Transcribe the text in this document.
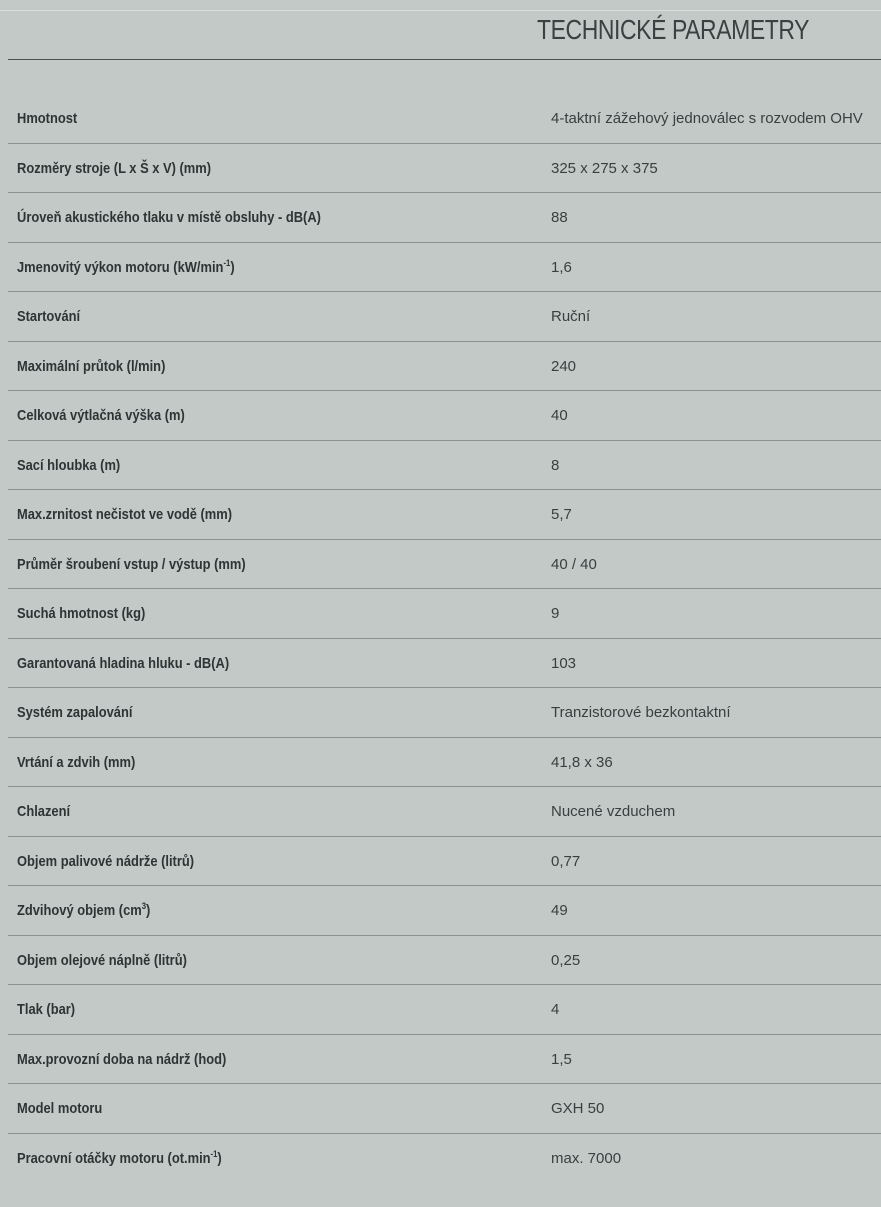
TECHNICKÉ PARAMETRY
Hmotnost	4-taktní zážehový jednoválec s rozvodem OHV
Rozměry stroje (L x Š x V) (mm)	325 x 275 x 375
Úroveň akustického tlaku v místě obsluhy - dB(A)	88
Jmenovitý výkon motoru $(kW/\min^{-1})$	1,6
Startování	Ruční
Maximální průtok (l/min)	240
Celková výtlačná výška (m)	40
Sací hloubka (m)	8
Max.zrnitost nečistot ve vodě (mm)	5,7
Průměr šroubení vstup / výstup (mm)	40 / 40
Suchá hmotnost (kg)	9
Garantovaná hladina hluku - dB(A)	103
Systém zapalování	Tranzistorové bezkontaktní
Vrtání a zdvih (mm)	41,8 x 36
Chlazení	Nucené vzduchem
Objem palivové nádrže (litrů)	0,77
Zdvihový objem $(cm^3)$	49
Objem olejové náplně (litrů)	0,25
Tlak (bar)	4
Max.provozní doba na nádrž (hod)	1,5
Model motoru	GXH 50
Pracovní otáčky motoru $(ot.\min^{-1})$	max. 7000
